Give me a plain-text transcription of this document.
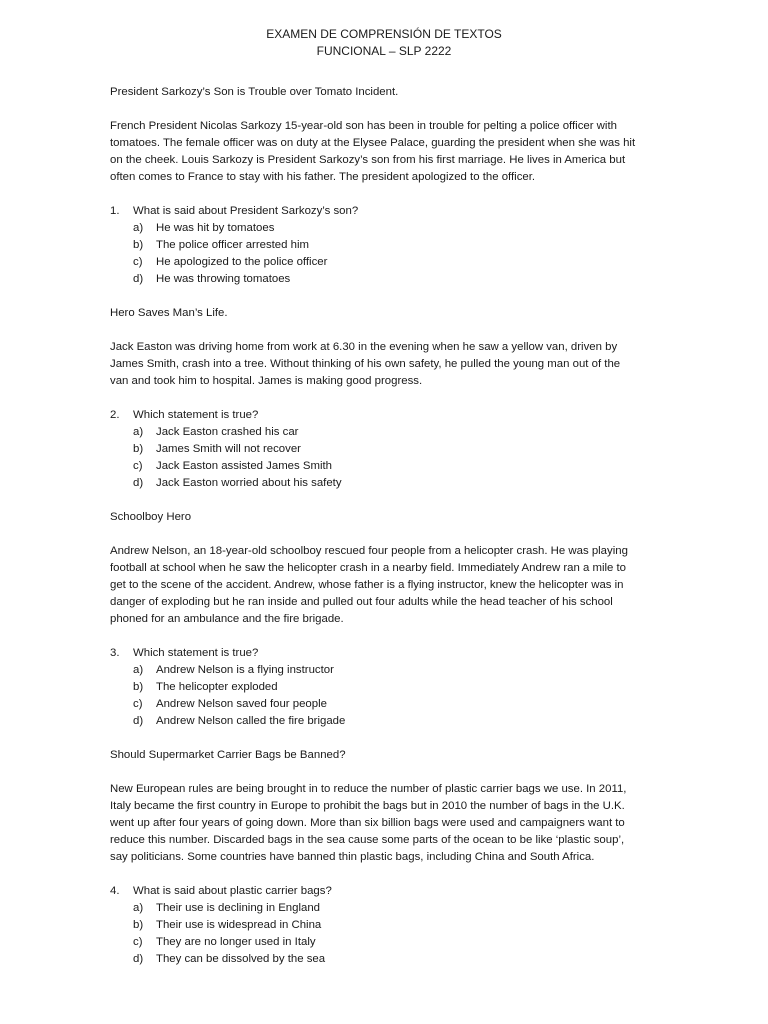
EXAMEN DE COMPRENSIÓN DE TEXTOS
FUNCIONAL – SLP 2222
President Sarkozy’s Son is Trouble over Tomato Incident.
French President Nicolas Sarkozy 15-year-old son has been in trouble for pelting a police officer with
tomatoes. The female officer was on duty at the Elysee Palace, guarding the president when she was hit
on the cheek. Louis Sarkozy is President Sarkozy’s son from his first marriage. He lives in America but
often comes to France to stay with his father. The president apologized to the officer.
1.	What is said about President Sarkozy’s son?
a)	He was hit by tomatoes
b)	The police officer arrested him
c)	He apologized to the police officer
d)	He was throwing tomatoes
Hero Saves Man’s Life.
Jack Easton was driving home from work at 6.30 in the evening when he saw a yellow van, driven by
James Smith, crash into a tree. Without thinking of his own safety, he pulled the young man out of the
van and took him to hospital. James is making good progress.
2.	Which statement is true?
a)	Jack Easton crashed his car
b)	James Smith will not recover
c)	Jack Easton assisted James Smith
d)	Jack Easton worried about his safety
Schoolboy Hero
Andrew Nelson, an 18-year-old schoolboy rescued four people from a helicopter crash. He was playing
football at school when he saw the helicopter crash in a nearby field. Immediately Andrew ran a mile to
get to the scene of the accident. Andrew, whose father is a flying instructor, knew the helicopter was in
danger of exploding but he ran inside and pulled out four adults while the head teacher of his school
phoned for an ambulance and the fire brigade.
3.	Which statement is true?
a)	Andrew Nelson is a flying instructor
b)	The helicopter exploded
c)	Andrew Nelson saved four people
d)	Andrew Nelson called the fire brigade
Should Supermarket Carrier Bags be Banned?
New European rules are being brought in to reduce the number of plastic carrier bags we use. In 2011,
Italy became the first country in Europe to prohibit the bags but in 2010 the number of bags in the U.K.
went up after four years of going down. More than six billion bags were used and campaigners want to
reduce this number. Discarded bags in the sea cause some parts of the ocean to be like ‘plastic soup’,
say politicians. Some countries have banned thin plastic bags, including China and South Africa.
4.	What is said about plastic carrier bags?
a)	Their use is declining in England
b)	Their use is widespread in China
c)	They are no longer used in Italy
d)	They can be dissolved by the sea
